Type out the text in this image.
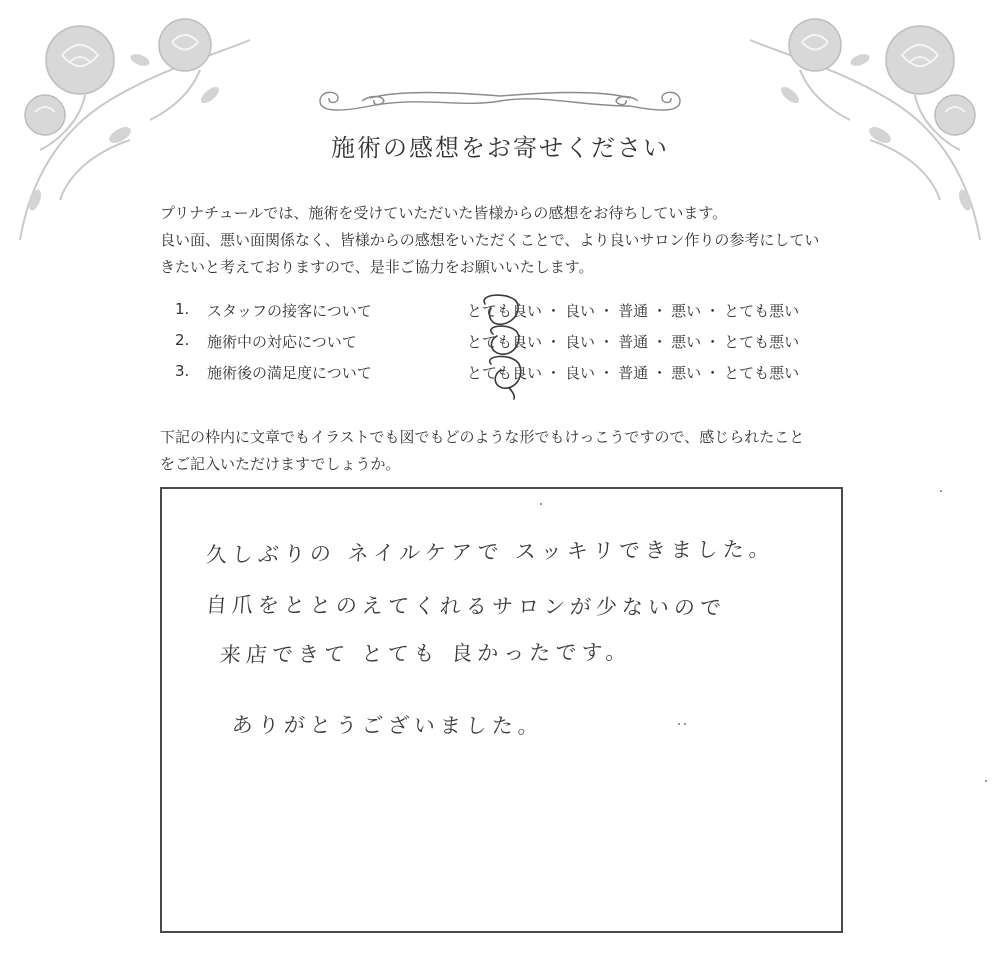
施術の感想をお寄せください

プリナチュールでは、施術を受けていただいた皆様からの感想をお待ちしています。

良い面、悪い面関係なく、皆様からの感想をいただくことで、より良いサロン作りの参考にしてい

きたいと考えておりますので、是非ご協力をお願いいたします。

1.	スタッフの接客について	とても良い ・ 良い ・ 普通 ・ 悪い ・ とても悪い
2.	施術中の対応について	とても良い ・ 良い ・ 普通 ・ 悪い ・ とても悪い
3.	施術後の満足度について	とても良い ・ 良い ・ 普通 ・ 悪い ・ とても悪い

下記の枠内に文章でもイラストでも図でもどのような形でもけっこうですので、感じられたこと

をご記入いただけますでしょうか。

久しぶりの ネイルケアで スッキリできました。
自爪をととのえてくれるサロンが少ないので
来店できて とても 良かったです。
ありがとうございました。
